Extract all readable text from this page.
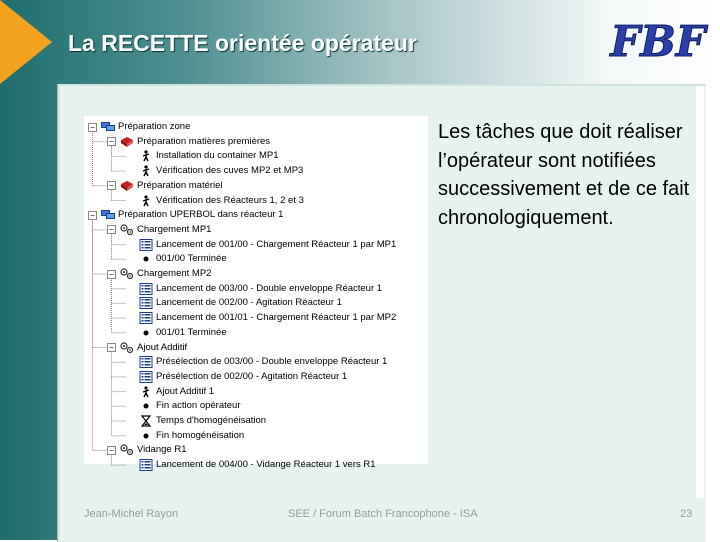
La RECETTE orientée opérateur	FBF
− Préparation zone
− Préparation matières premières
Installation du container MP1
Vérification des cuves MP2 et MP3
− Préparation matériel
Vérification des Réacteurs 1, 2 et 3
− Préparation UPERBOL dans réacteur 1
− Chargement MP1
Lancement de 001/00 - Chargement Réacteur 1 par MP1
001/00 Terminée
− Chargement MP2
Lancement de 003/00 - Double enveloppe Réacteur 1
Lancement de 002/00 - Agitation Réacteur 1
Lancement de 001/01 - Chargement Réacteur 1 par MP2
001/01 Terminée
− Ajout Additif
Présélection de 003/00 - Double enveloppe Réacteur 1
Présélection de 002/00 - Agitation Réacteur 1
Ajout Additif 1
Fin action opérateur
Temps d'homogénéisation
Fin homogénéisation
− Vidange R1
Lancement de 004/00 - Vidange Réacteur 1 vers R1
Les tâches que doit réaliser l’opérateur sont notifiées successivement et de ce fait chronologiquement.
Jean-Michel Rayon	SEE / Forum Batch Francophone - ISA	23
